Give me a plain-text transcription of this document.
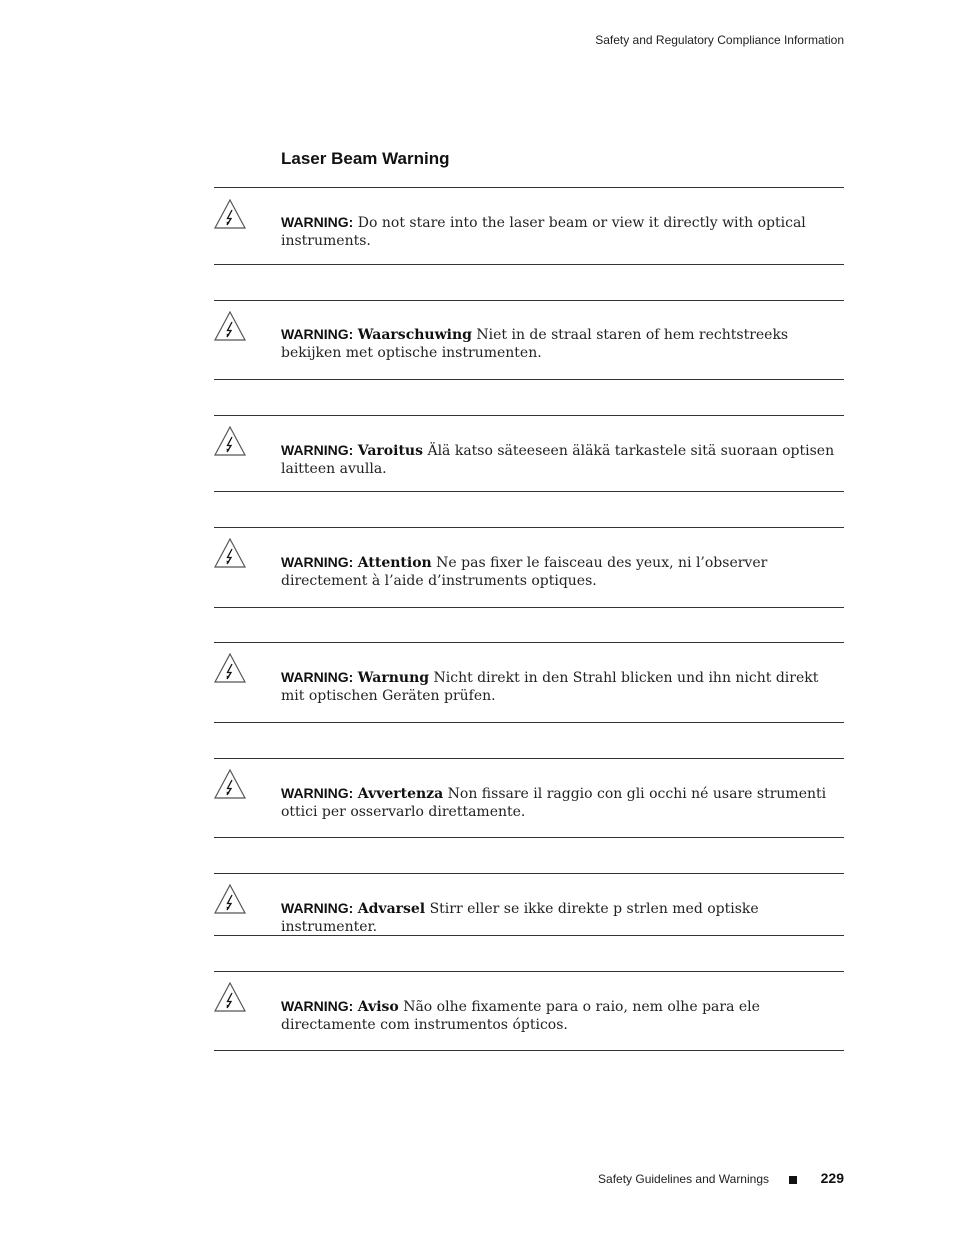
Safety and Regulatory Compliance Information
Laser Beam Warning
WARNING: Do not stare into the laser beam or view it directly with optical instruments.
WARNING: Waarschuwing Niet in de straal staren of hem rechtstreeks bekijken met optische instrumenten.
WARNING: Varoitus Älä katso säteeseen äläkä tarkastele sitä suoraan optisen laitteen avulla.
WARNING: Attention Ne pas fixer le faisceau des yeux, ni l’observer directement à l’aide d’instruments optiques.
WARNING: Warnung Nicht direkt in den Strahl blicken und ihn nicht direkt mit optischen Geräten prüfen.
WARNING: Avvertenza Non fissare il raggio con gli occhi né usare strumenti ottici per osservarlo direttamente.
WARNING: Advarsel Stirr eller se ikke direkte p strlen med optiske instrumenter.
WARNING: Aviso Não olhe fixamente para o raio, nem olhe para ele directamente com instrumentos ópticos.
Safety Guidelines and Warnings	229
